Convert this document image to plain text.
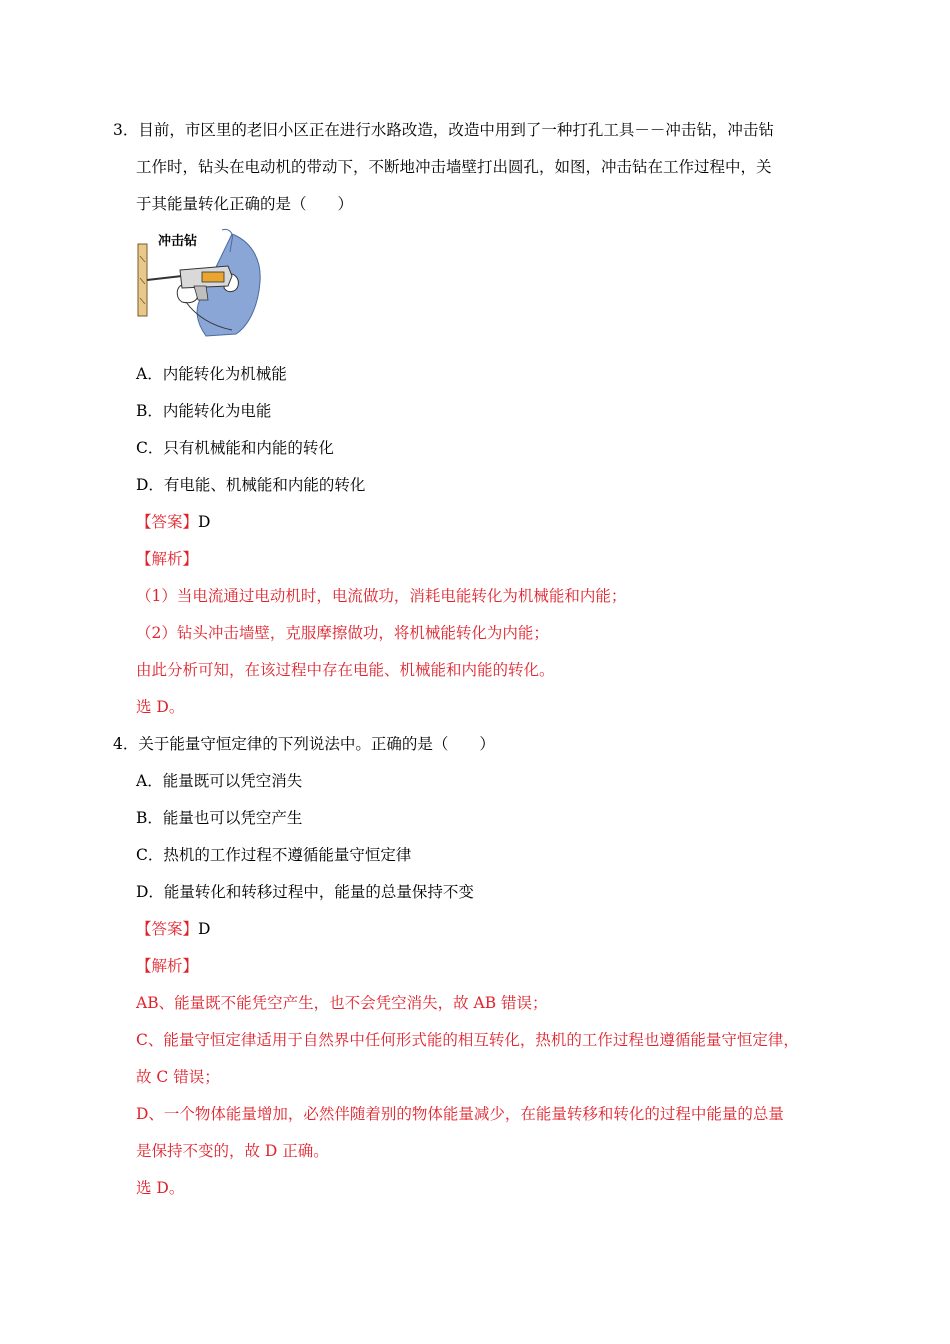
3．目前，市区里的老旧小区正在进行水路改造，改造中用到了一种打孔工具－－冲击钻，冲击钻
工作时，钻头在电动机的带动下，不断地冲击墙壁打出圆孔，如图，冲击钻在工作过程中，关
于其能量转化正确的是（　　）
冲击钻
A．内能转化为机械能
B．内能转化为电能
C．只有机械能和内能的转化
D．有电能、机械能和内能的转化
【答案】D
【解析】
（1）当电流通过电动机时，电流做功，消耗电能转化为机械能和内能；
（2）钻头冲击墙壁，克服摩擦做功，将机械能转化为内能；
由此分析可知，在该过程中存在电能、机械能和内能的转化。
选 D。
4．关于能量守恒定律的下列说法中。正确的是（　　）
A．能量既可以凭空消失
B．能量也可以凭空产生
C．热机的工作过程不遵循能量守恒定律
D．能量转化和转移过程中，能量的总量保持不变
【答案】D
【解析】
AB、能量既不能凭空产生，也不会凭空消失，故 AB 错误；
C、能量守恒定律适用于自然界中任何形式能的相互转化，热机的工作过程也遵循能量守恒定律，
故 C 错误；
D、一个物体能量增加，必然伴随着别的物体能量减少，在能量转移和转化的过程中能量的总量
是保持不变的，故 D 正确。
选 D。
